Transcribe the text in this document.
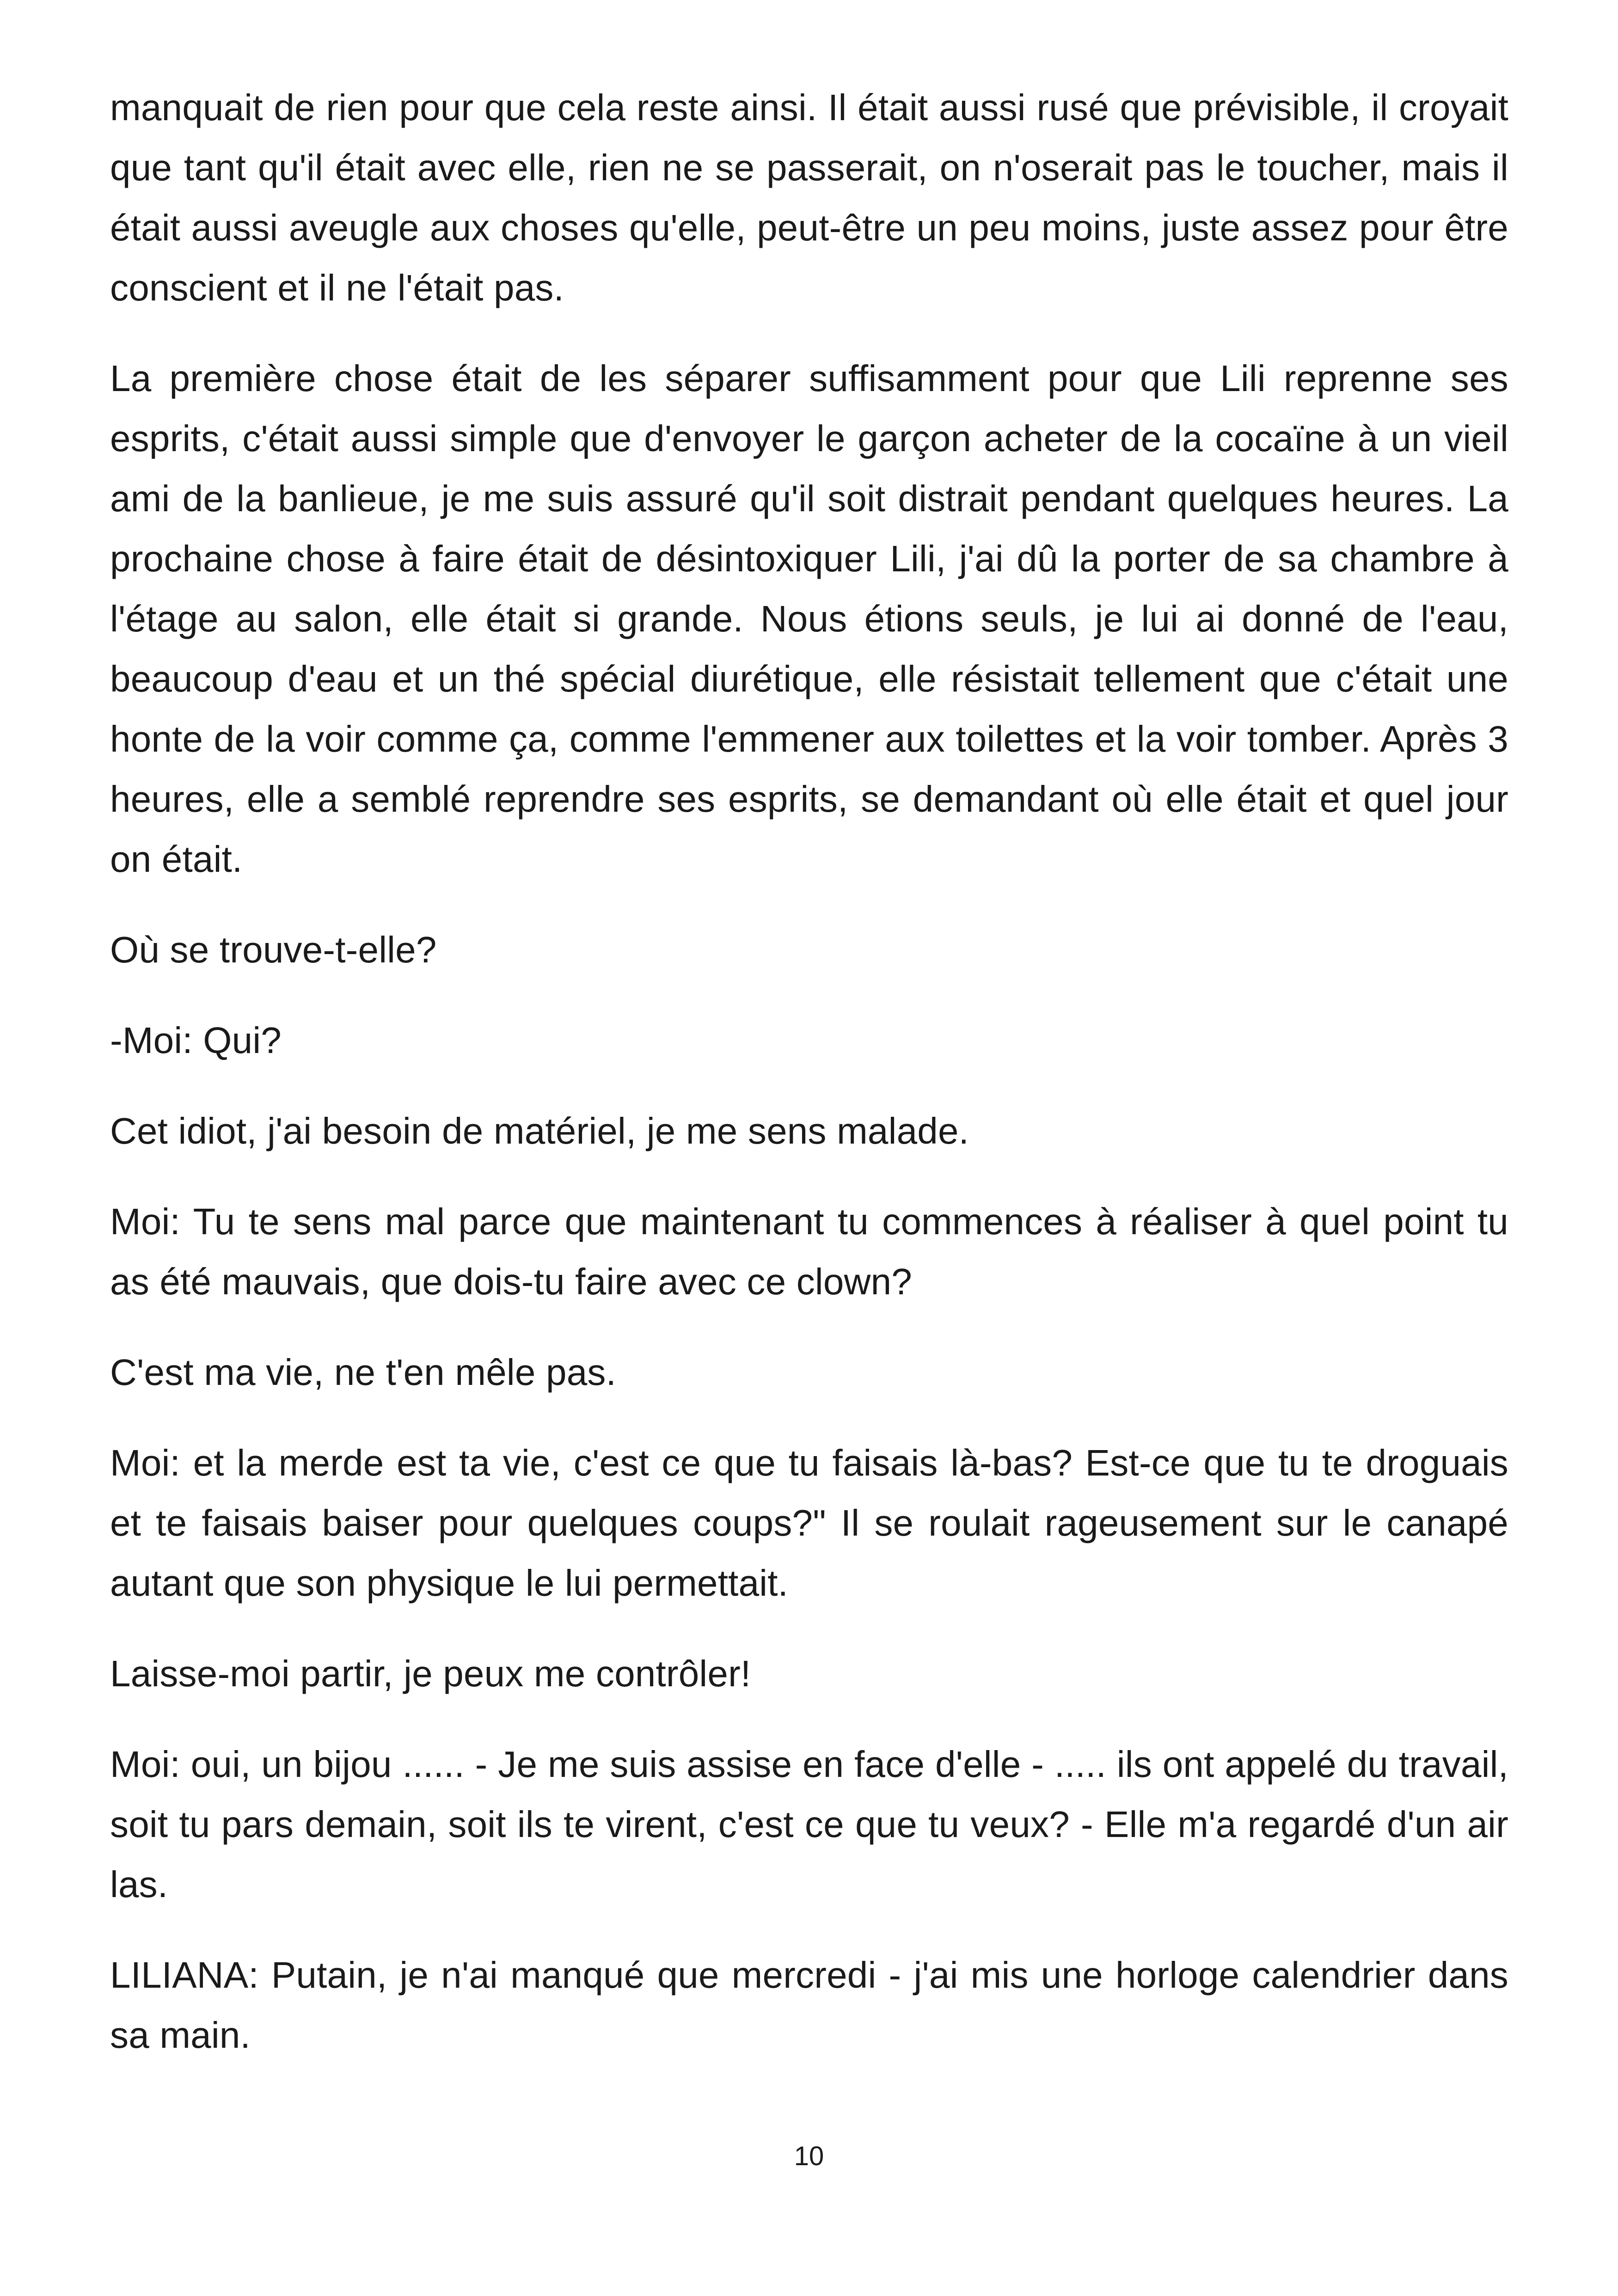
manquait de rien pour que cela reste ainsi. Il était aussi rusé que prévisible, il croyait que tant qu'il était avec elle, rien ne se passerait, on n'oserait pas le toucher, mais il était aussi aveugle aux choses qu'elle, peut-être un peu moins, juste assez pour être conscient et il ne l'était pas.

La première chose était de les séparer suffisamment pour que Lili reprenne ses esprits, c'était aussi simple que d'envoyer le garçon acheter de la cocaïne à un vieil ami de la banlieue, je me suis assuré qu'il soit distrait pendant quelques heures. La prochaine chose à faire était de désintoxiquer Lili, j'ai dû la porter de sa chambre à l'étage au salon, elle était si grande. Nous étions seuls, je lui ai donné de l'eau, beaucoup d'eau et un thé spécial diurétique, elle résistait tellement que c'était une honte de la voir comme ça, comme l'emmener aux toilettes et la voir tomber. Après 3 heures, elle a semblé reprendre ses esprits, se demandant où elle était et quel jour on était.

Où se trouve-t-elle?

-Moi: Qui?

Cet idiot, j'ai besoin de matériel, je me sens malade.

Moi: Tu te sens mal parce que maintenant tu commences à réaliser à quel point tu as été mauvais, que dois-tu faire avec ce clown?

C'est ma vie, ne t'en mêle pas.

Moi: et la merde est ta vie, c'est ce que tu faisais là-bas? Est-ce que tu te droguais et te faisais baiser pour quelques coups?" Il se roulait rageusement sur le canapé autant que son physique le lui permettait.

Laisse-moi partir, je peux me contrôler!

Moi: oui, un bijou ...... - Je me suis assise en face d'elle - ..... ils ont appelé du travail, soit tu pars demain, soit ils te virent, c'est ce que tu veux? - Elle m'a regardé d'un air las.

LILIANA: Putain, je n'ai manqué que mercredi - j'ai mis une horloge calendrier dans sa main.

10
